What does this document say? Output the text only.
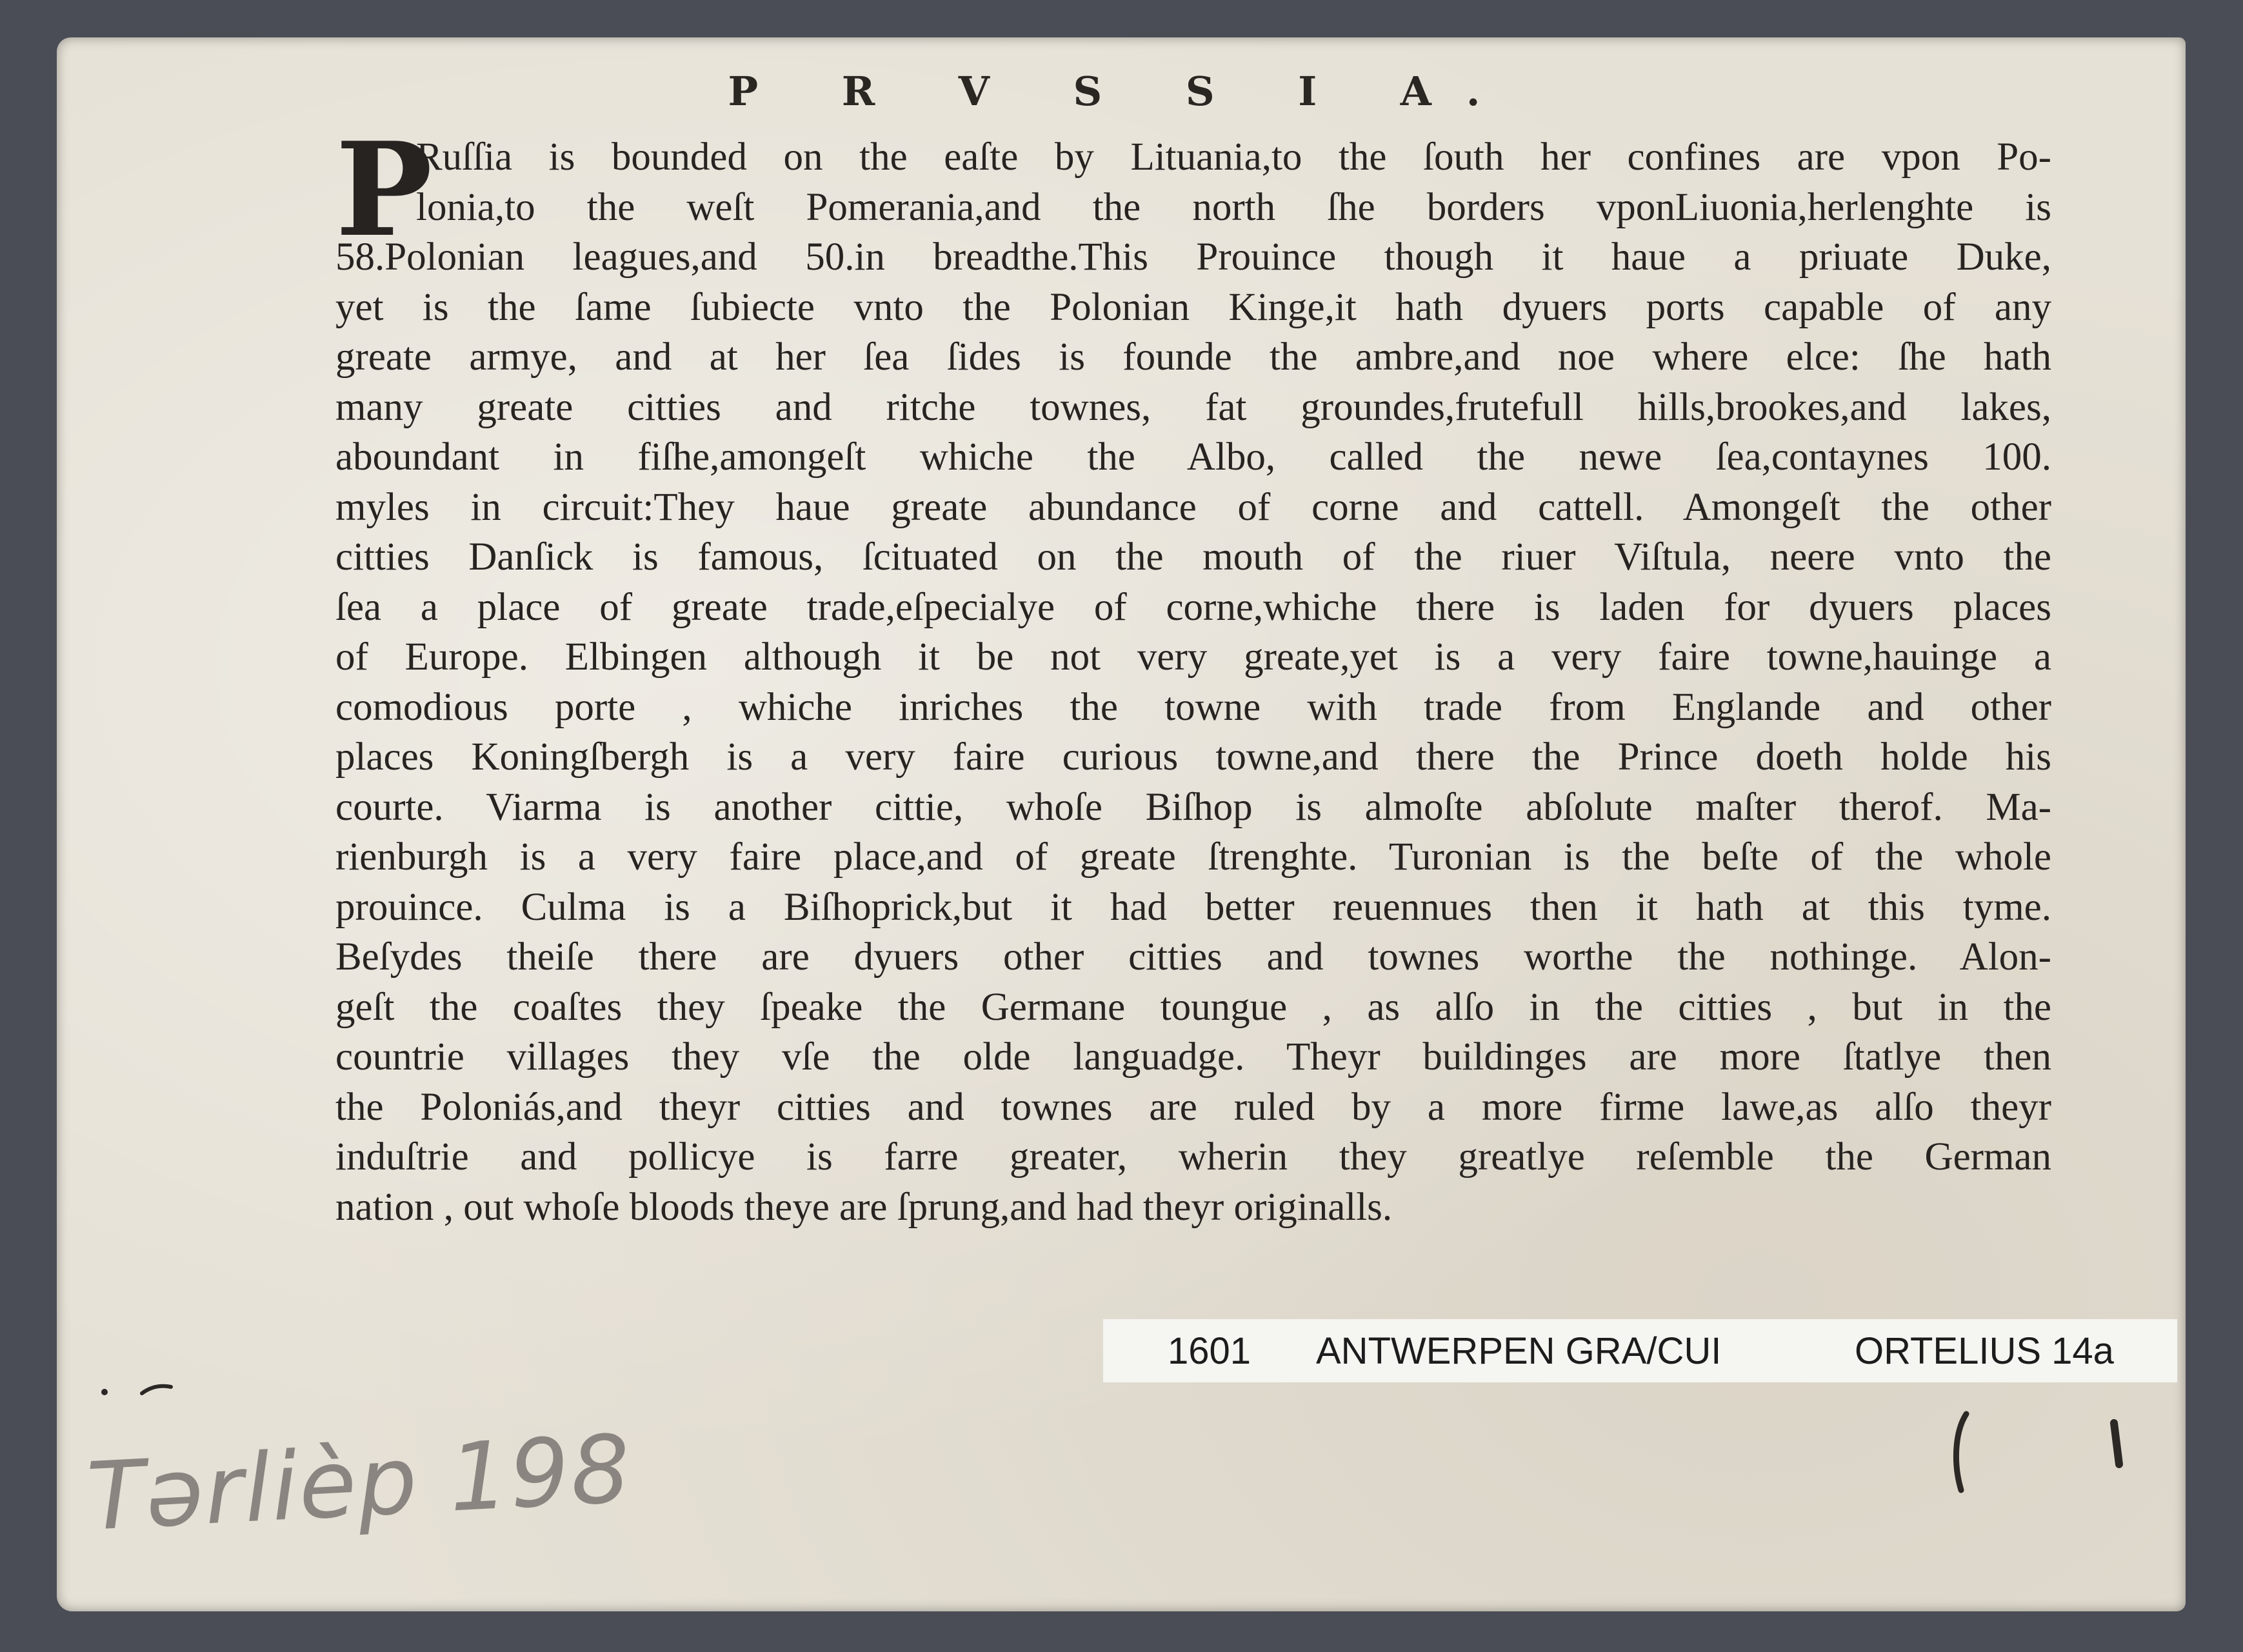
P R V S S I A.
P
Ruſſia is bounded on the eaſte by Lituania,to the ſouth her confines are vpon Po-
lonia,to the weſt Pomerania,and the north ſhe borders vponLiuonia,herlenghte is
58.Polonian leagues,and 50.in breadthe.This Prouince though it haue a priuate Duke,
yet is the ſame ſubiecte vnto the Polonian Kinge,it hath dyuers ports capable of any
greate armye, and at her ſea ſides is founde the ambre,and noe where elce: ſhe hath
many greate citties and ritche townes, fat groundes,frutefull hills,brookes,and lakes,
aboundant in fiſhe,amongeſt whiche the Albo, called the newe ſea,contaynes 100.
myles in circuit:They haue greate abundance of corne and cattell. Amongeſt the other
citties Danſick is famous, ſcituated on the mouth of the riuer Viſtula, neere vnto the
ſea a place of greate trade,eſpecialye of corne,whiche there is laden for dyuers places
of Europe. Elbingen although it be not very greate,yet is a very faire towne,hauinge a
comodious porte , whiche inriches the towne with trade from Englande and other
places Koningſbergh is a very faire curious towne,and there the Prince doeth holde his
courte. Viarma is another cittie, whoſe Biſhop is almoſte abſolute maſter therof. Ma-
rienburgh is a very faire place,and of greate ſtrenghte. Turonian is the beſte of the whole
prouince. Culma is a Biſhoprick,but it had better reuennues then it hath at this tyme.
Beſydes theiſe there are dyuers other citties and townes worthe the nothinge. Alon-
geſt the coaſtes they ſpeake the Germane toungue , as alſo in the citties , but in the
countrie villages they vſe the olde languadge. Theyr buildinges are more ſtatlye then
the Poloniás,and theyr citties and townes are ruled by a more firme lawe,as alſo theyr
induſtrie and pollicye is farre greater, wherin they greatlye reſemble the German
nation , out whoſe bloods theye are ſprung,and had theyr originalls.
1601 ANTWERPEN GRA/CUI	ORTELIUS 14a
Tərlièp 198
